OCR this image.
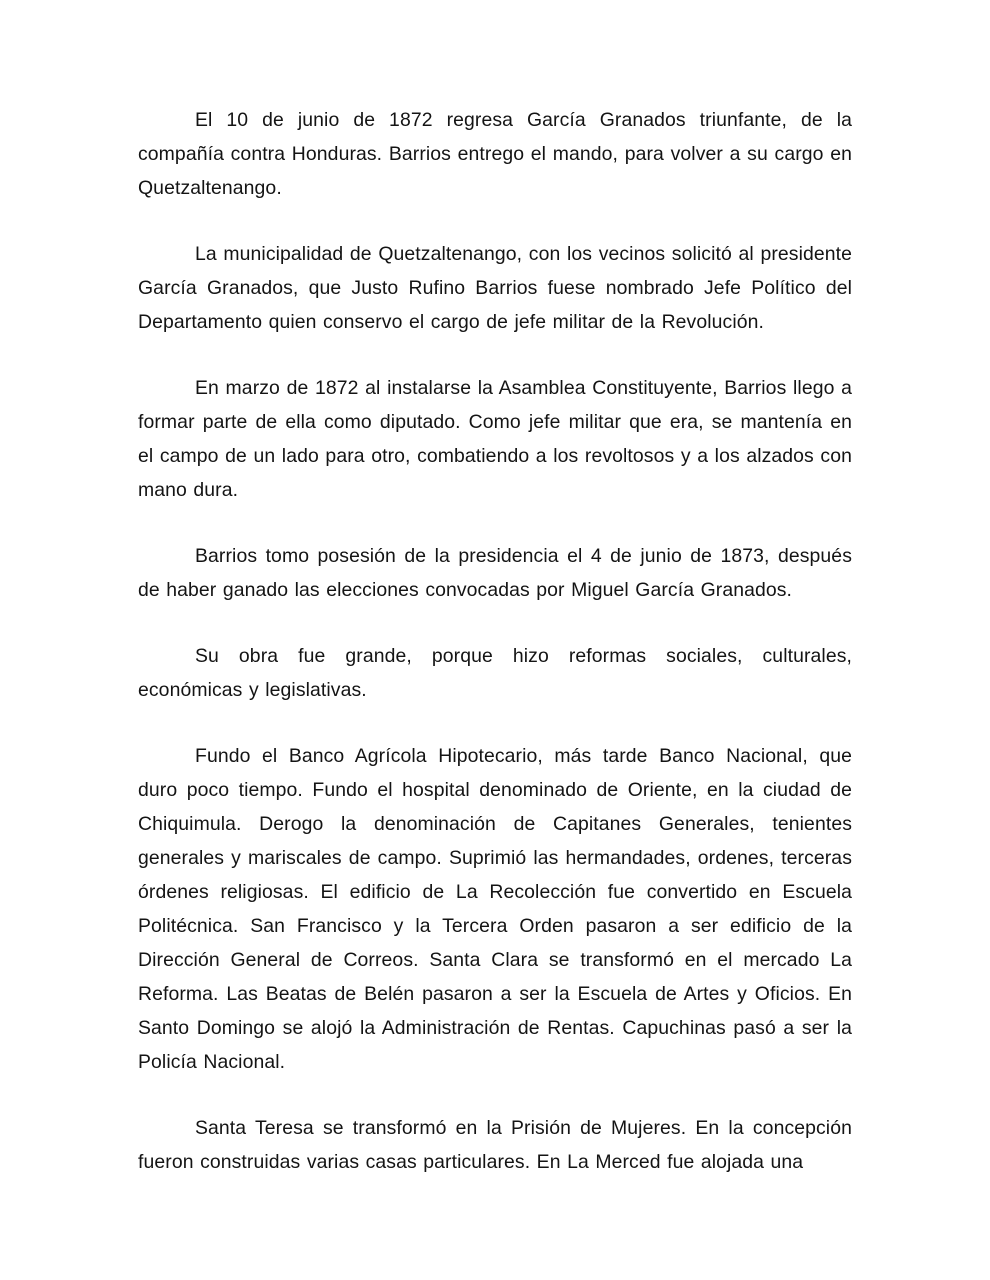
El 10 de junio de 1872 regresa García Granados triunfante, de la compañía contra Honduras. Barrios entrego el mando, para volver a su cargo en Quetzaltenango.

La municipalidad de Quetzaltenango, con los vecinos solicitó al presidente García Granados, que Justo Rufino Barrios fuese nombrado Jefe Político del Departamento quien conservo el cargo de jefe militar de la Revolución.

En marzo de 1872 al instalarse la Asamblea Constituyente, Barrios llego a formar parte de ella como diputado. Como jefe militar que era, se mantenía en el campo de un lado para otro, combatiendo a los revoltosos y a los alzados con mano dura.

Barrios tomo posesión de la presidencia el 4 de junio de 1873, después de haber ganado las elecciones convocadas por Miguel García Granados.

Su obra fue grande, porque hizo reformas sociales, culturales, económicas y legislativas.

Fundo el Banco Agrícola Hipotecario, más tarde Banco Nacional, que duro poco tiempo. Fundo el hospital denominado de Oriente, en la ciudad de Chiquimula. Derogo la denominación de Capitanes Generales, tenientes generales y mariscales de campo. Suprimió las hermandades, ordenes, terceras órdenes religiosas. El edificio de La Recolección fue convertido en Escuela Politécnica. San Francisco y la Tercera Orden pasaron a ser edificio de la Dirección General de Correos. Santa Clara se transformó en el mercado La Reforma. Las Beatas de Belén pasaron a ser la Escuela de Artes y Oficios. En Santo Domingo se alojó la Administración de Rentas. Capuchinas pasó a ser la Policía Nacional.

Santa Teresa se transformó en la Prisión de Mujeres. En la concepción fueron construidas varias casas particulares. En La Merced fue alojada una
